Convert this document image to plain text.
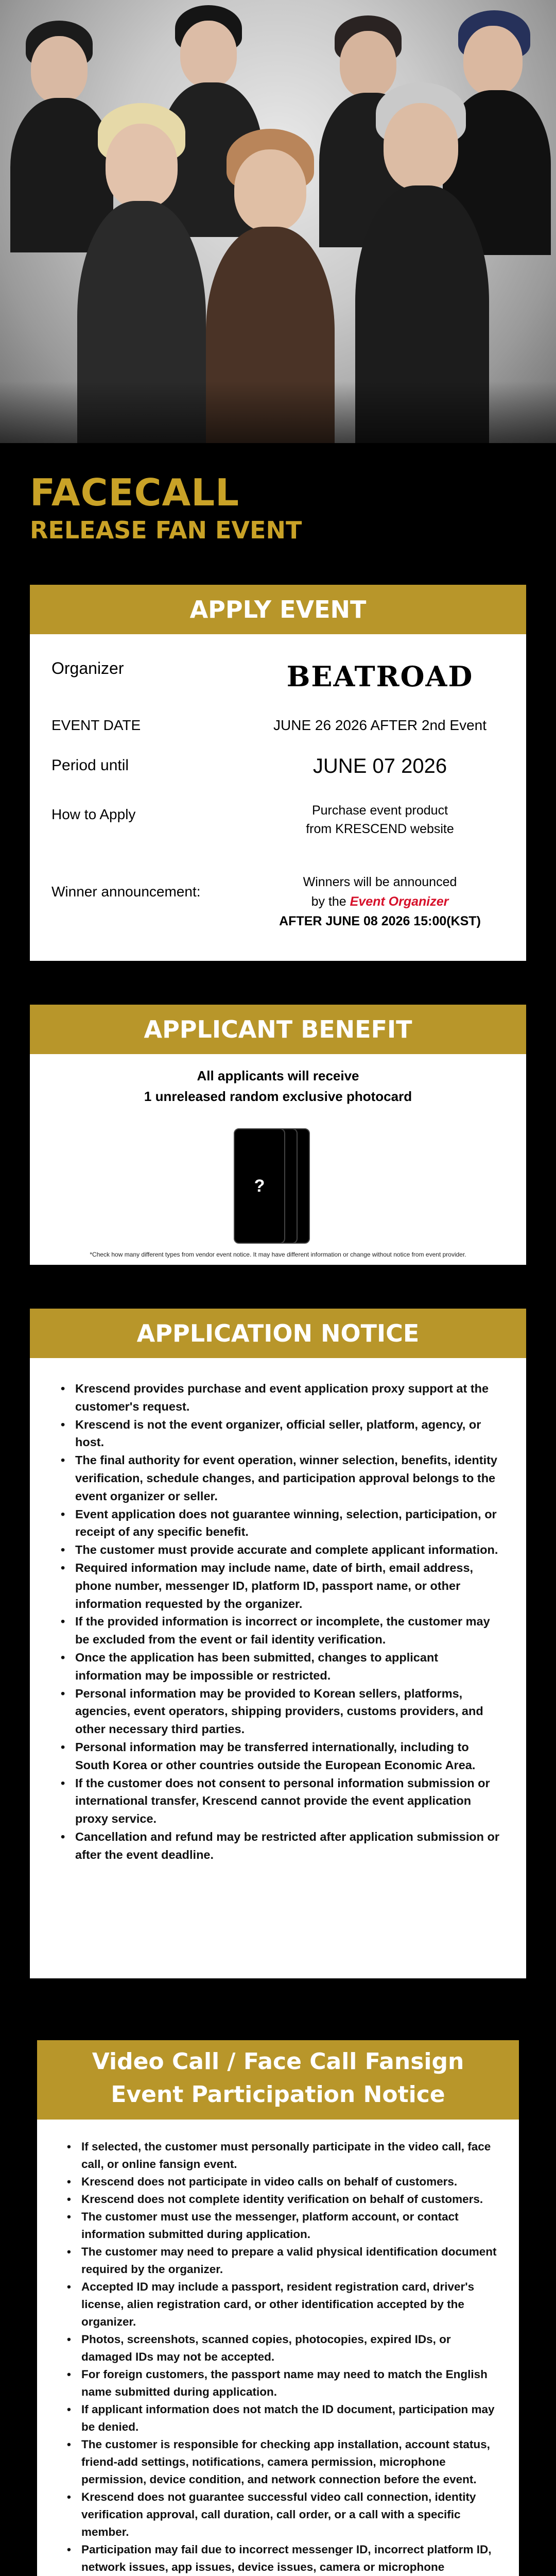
FACECALL
RELEASE FAN EVENT
APPLY EVENT
Organizer	BEATROAD
EVENT DATE	JUNE 26 2026 AFTER 2nd Event
Period until	JUNE 07 2026
How to Apply	Purchase event product
from KRESCEND website
Winner announcement:
Winners will be announced
by the Event Organizer
AFTER JUNE 08 2026 15:00(KST)
APPLICANT BENEFIT
All applicants will receive
1 unreleased random exclusive photocard
?
*Check how many different types from vendor event notice. It may have different information or change without notice from event provider.
APPLICATION NOTICE
• Krescend provides purchase and event application proxy support at the customer's request.
• Krescend is not the event organizer, official seller, platform, agency, or host.
• The final authority for event operation, winner selection, benefits, identity verification, schedule changes, and participation approval belongs to the event organizer or seller.
• Event application does not guarantee winning, selection, participation, or receipt of any specific benefit.
• The customer must provide accurate and complete applicant information.
• Required information may include name, date of birth, email address, phone number, messenger ID, platform ID, passport name, or other information requested by the organizer.
• If the provided information is incorrect or incomplete, the customer may be excluded from the event or fail identity verification.
• Once the application has been submitted, changes to applicant information may be impossible or restricted.
• Personal information may be provided to Korean sellers, platforms, agencies, event operators, shipping providers, customs providers, and other necessary third parties.
• Personal information may be transferred internationally, including to South Korea or other countries outside the European Economic Area.
• If the customer does not consent to personal information submission or international transfer, Krescend cannot provide the event application proxy service.
• Cancellation and refund may be restricted after application submission or after the event deadline.
Video Call / Face Call Fansign
Event Participation Notice
• If selected, the customer must personally participate in the video call, face call, or online fansign event.
• Krescend does not participate in video calls on behalf of customers.
• Krescend does not complete identity verification on behalf of customers.
• The customer must use the messenger, platform account, or contact information submitted during application.
• The customer may need to prepare a valid physical identification document required by the organizer.
• Accepted ID may include a passport, resident registration card, driver's license, alien registration card, or other identification accepted by the organizer.
• Photos, screenshots, scanned copies, photocopies, expired IDs, or damaged IDs may not be accepted.
• For foreign customers, the passport name may need to match the English name submitted during application.
• If applicant information does not match the ID document, participation may be denied.
• The customer is responsible for checking app installation, account status, friend-add settings, notifications, camera permission, microphone permission, device condition, and network connection before the event.
• Krescend does not guarantee successful video call connection, identity verification approval, call duration, call order, or a call with a specific member.
• Participation may fail due to incorrect messenger ID, incorrect platform ID, network issues, app issues, device issues, camera or microphone
